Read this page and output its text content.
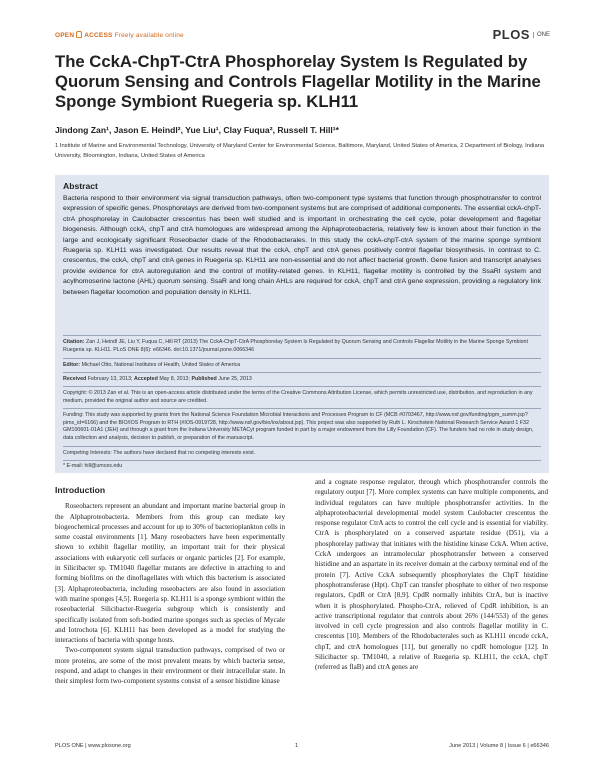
OPEN ACCESS Freely available online	PLOS	ONE
The CckA-ChpT-CtrA Phosphorelay System Is Regulated by Quorum Sensing and Controls Flagellar Motility in the Marine Sponge Symbiont Ruegeria sp. KLH11
Jindong Zan¹, Jason E. Heindl², Yue Liu¹, Clay Fuqua², Russell T. Hill¹*
1 Institute of Marine and Environmental Technology, University of Maryland Center for Environmental Science, Baltimore, Maryland, United States of America, 2 Department of Biology, Indiana University, Bloomington, Indiana, United States of America
Abstract
Bacteria respond to their environment via signal transduction pathways, often two-component type systems that function through phosphotransfer to control expression of specific genes. Phosphorelays are derived from two-component systems but are comprised of additional components. The essential cckA-chpT-ctrA phosphorelay in Caulobacter crescentus has been well studied and is important in orchestrating the cell cycle, polar development and flagellar biogenesis. Although cckA, chpT and ctrA homologues are widespread among the Alphaproteobacteria, relatively few is known about their function in the large and ecologically significant Roseobacter clade of the Rhodobacterales. In this study the cckA-chpT-ctrA system of the marine sponge symbiont Ruegeria sp. KLH11 was investigated. Our results reveal that the cckA, chpT and ctrA genes positively control flagellar biosynthesis. In contrast to C. crescentus, the cckA, chpT and ctrA genes in Ruegeria sp. KLH11 are non-essential and do not affect bacterial growth. Gene fusion and transcript analyses provide evidence for ctrA autoregulation and the control of motility-related genes. In KLH11, flagellar motility is controlled by the SsaRI system and acylhomoserine lactone (AHL) quorum sensing. SsaR and long chain AHLs are required for cckA, chpT and ctrA gene expression, providing a regulatory link between flagellar locomotion and population density in KLH11.
Citation: Zan J, Heindl JE, Liu Y, Fuqua C, Hill RT (2013) The CckA-ChpT-CtrA Phosphorelay System Is Regulated by Quorum Sensing and Controls Flagellar Motility in the Marine Sponge Symbiont Ruegeria sp. KLH11. PLoS ONE 8(6): e66346. doi:10.1371/journal.pone.0066346
Editor: Michael Otto, National Institutes of Health, United States of America
Received February 13, 2013; Accepted May 8, 2013; Published June 25, 2013
Copyright: © 2013 Zan et al. This is an open-access article distributed under the terms of the Creative Commons Attribution License, which permits unrestricted use, distribution, and reproduction in any medium, provided the original author and source are credited.
Funding: This study was supported by grants from the National Science Foundation Microbial Interactions and Processes Program to CF (MCB #0703467, http://www.nsf.gov/funding/pgm_summ.jsp?pims_id=6166) and the BIO/IOS Program to RTH (#IOS-0919728, http://www.nsf.gov/bio/ios/about.jsp). This project was also supported by Ruth L. Kirschstein National Research Service Award 1 F32 GM100601-01A1 (JEH) and through a grant from the Indiana University METACyt program funded in part by a major endowment from the Lilly Foundation (CF). The funders had no role in study design, data collection and analysis, decision to publish, or preparation of the manuscript.
Competing Interests: The authors have declared that no competing interests exist.
* E-mail: hill@umces.edu
Introduction

Roseobacters represent an abundant and important marine bacterial group in the Alphaproteobacteria. Members from this group can mediate key biogeochemical processes and account for up to 30% of bacterioplankton cells in some coastal environments [1]. Many roseobacters have been experimentally shown to exhibit flagellar motility, an important trait for their physical associations with eukaryotic cell surfaces or organic particles [2]. For example, in Silicibacter sp. TM1040 flagellar mutants are defective in attaching to and forming biofilms on the dinoflagellates with which this bacterium is associated [3]. Alphaproteobacteria, including roseobacters are also found in association with marine sponges [4,5]. Ruegeria sp. KLH11 is a sponge symbiont within the roseobacterial Silicibacter-Ruegeria subgroup which is consistently and specifically isolated from soft-bodied marine sponges such as species of Mycale and Iotrochota [6]. KLH11 has been developed as a model for studying the interactions of bacteria with sponge hosts.

Two-component system signal transduction pathways, comprised of two or more proteins, are some of the most prevalent means by which bacteria sense, respond, and adapt to changes in their environment or their intracellular state. In their simplest form two-component systems consist of a sensor histidine kinase

and a cognate response regulator, through which phosphotransfer controls the regulatory output [7]. More complex systems can have multiple components, and individual regulators can have multiple phosphotransfer activities. In the alphaproteobacterial developmental model system Caulobacter crescentus the response regulator CtrA acts to control the cell cycle and is essential for viability. CtrA is phosphorylated on a conserved aspartate residue (D51), via a phosphorelay pathway that initiates with the histidine kinase CckA. When active, CckA undergoes an intramolecular phosphotransfer between a conserved histidine and an aspartate in its receiver domain at the carboxy terminal end of the protein [7]. Active CckA subsequently phosphorylates the ChpT histidine phosphotransferase (Hpt). ChpT can transfer phosphate to either of two response regulators, CpdR or CtrA [8,9]. CpdR normally inhibits CtrA, but is inactive when it is phosphorylated. Phospho-CtrA, relieved of CpdR inhibition, is an active transcriptional regulator that controls about 26% (144/553) of the genes involved in cell cycle progression and also controls flagellar motility in C. crescentus [10]. Members of the Rhodobacterales such as KLH11 encode cckA, chpT, and ctrA homologues [11], but generally no cpdR homologue [12]. In Silicibacter sp. TM1040, a relative of Ruegeria sp. KLH11, the cckA, chpT (referred as flaB) and ctrA genes are

PLOS ONE | www.plosone.org	1	June 2013 | Volume 8 | Issue 6 | e66346
